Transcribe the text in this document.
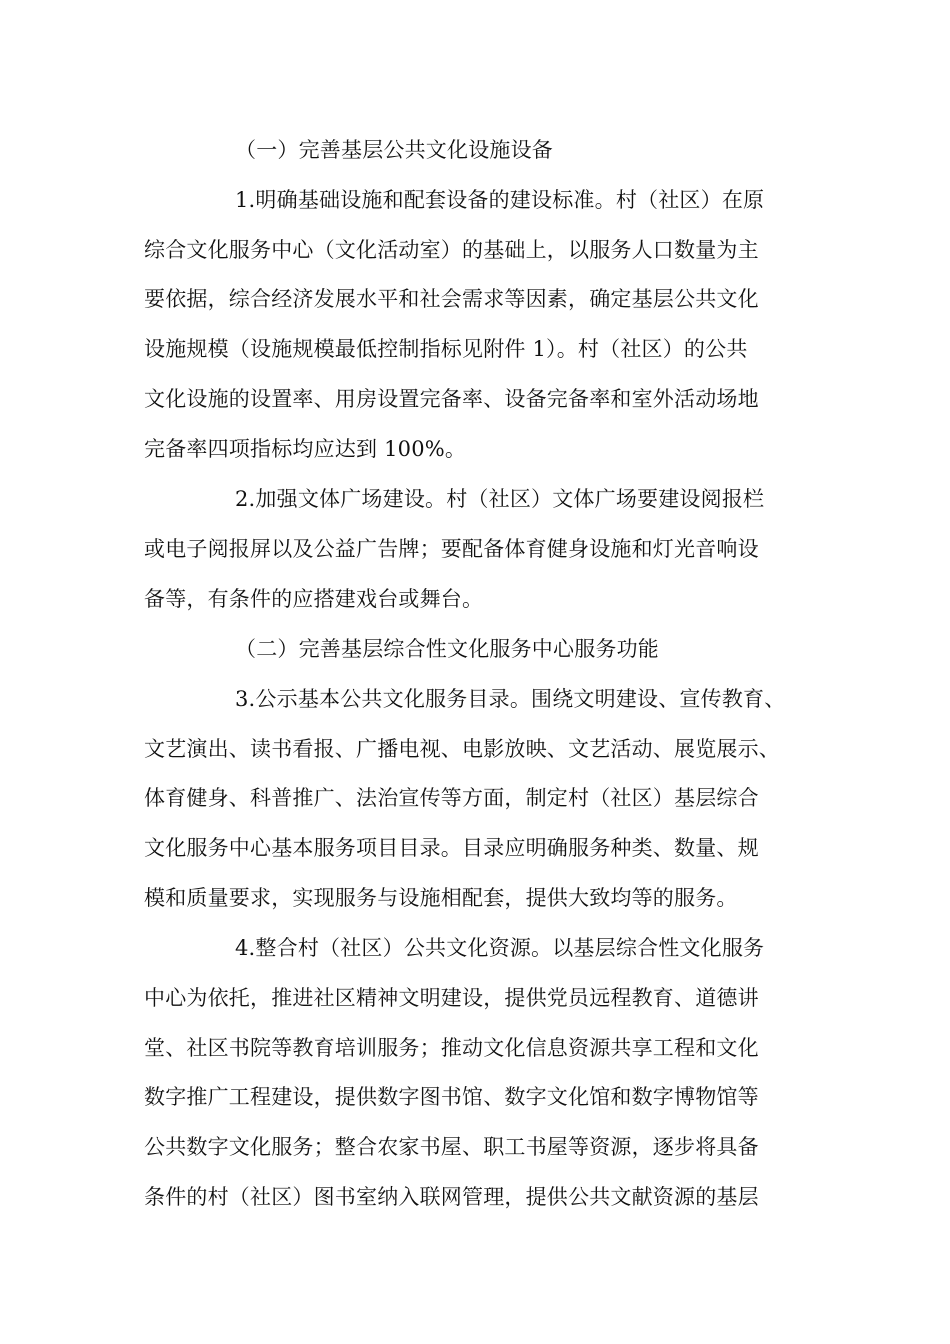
（一）完善基层公共文化设施设备
1.明确基础设施和配套设备的建设标准。村（社区）在原
综合文化服务中心（文化活动室）的基础上，以服务人口数量为主
要依据，综合经济发展水平和社会需求等因素，确定基层公共文化
设施规模（设施规模最低控制指标见附件 1）。村（社区）的公共
文化设施的设置率、用房设置完备率、设备完备率和室外活动场地
完备率四项指标均应达到 100%。
2.加强文体广场建设。村（社区）文体广场要建设阅报栏
或电子阅报屏以及公益广告牌；要配备体育健身设施和灯光音响设
备等，有条件的应搭建戏台或舞台。
（二）完善基层综合性文化服务中心服务功能
3.公示基本公共文化服务目录。围绕文明建设、宣传教育、
文艺演出、读书看报、广播电视、电影放映、文艺活动、展览展示、
体育健身、科普推广、法治宣传等方面，制定村（社区）基层综合
文化服务中心基本服务项目目录。目录应明确服务种类、数量、规
模和质量要求，实现服务与设施相配套，提供大致均等的服务。
4.整合村（社区）公共文化资源。以基层综合性文化服务
中心为依托，推进社区精神文明建设，提供党员远程教育、道德讲
堂、社区书院等教育培训服务；推动文化信息资源共享工程和文化
数字推广工程建设，提供数字图书馆、数字文化馆和数字博物馆等
公共数字文化服务；整合农家书屋、职工书屋等资源，逐步将具备
条件的村（社区）图书室纳入联网管理，提供公共文献资源的基层
